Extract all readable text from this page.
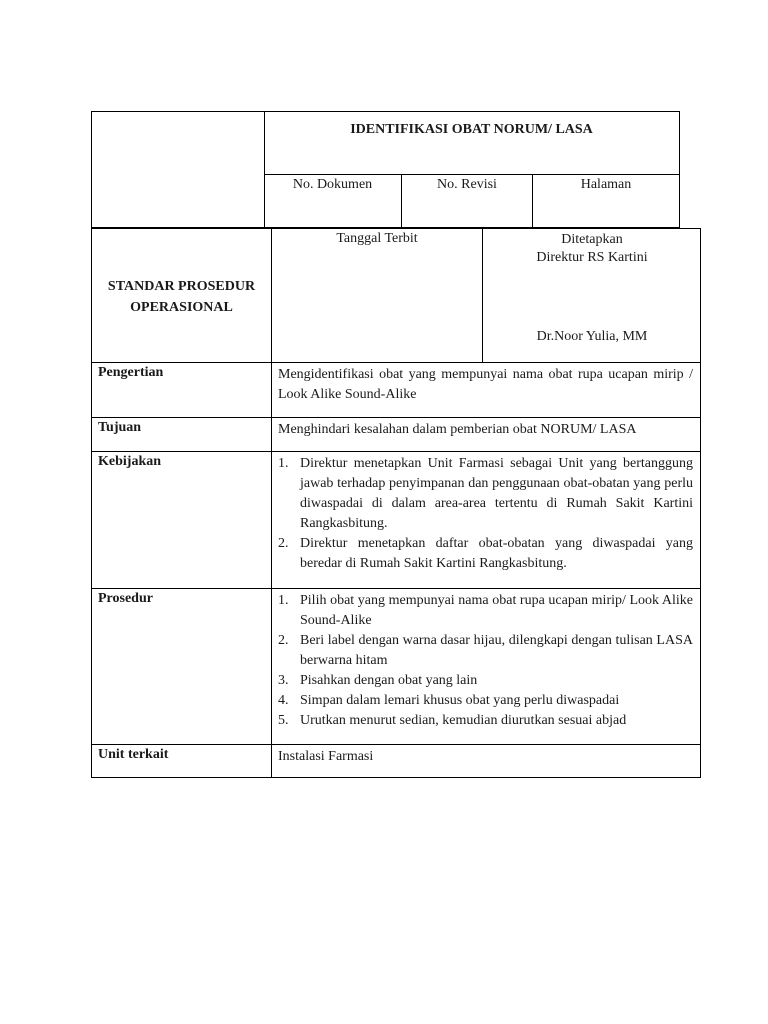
IDENTIFIKASI OBAT NORUM/ LASA
No. Dokumen	No. Revisi	Halaman
STANDAR PROSEDUR
OPERASIONAL
Tanggal Terbit	Ditetapkan
Direktur RS Kartini
Dr.Noor Yulia, MM
Pengertian	Mengidentifikasi obat yang mempunyai nama obat rupa ucapan mirip / Look Alike Sound-Alike
Tujuan	Menghindari kesalahan dalam pemberian obat NORUM/ LASA
Kebijakan	1. Direktur menetapkan Unit Farmasi sebagai Unit yang bertanggung jawab terhadap penyimpanan dan penggunaan obat-obatan yang perlu diwaspadai di dalam area-area tertentu di Rumah Sakit Kartini Rangkasbitung.
2. Direktur menetapkan daftar obat-obatan yang diwaspadai yang beredar di Rumah Sakit Kartini Rangkasbitung.
Prosedur	1. Pilih obat yang mempunyai nama obat rupa ucapan mirip/ Look Alike Sound-Alike
2. Beri label dengan warna dasar hijau, dilengkapi dengan tulisan LASA berwarna hitam
3. Pisahkan dengan obat yang lain
4. Simpan dalam lemari khusus obat yang perlu diwaspadai
5. Urutkan menurut sedian, kemudian diurutkan sesuai abjad
Unit terkait	Instalasi Farmasi
